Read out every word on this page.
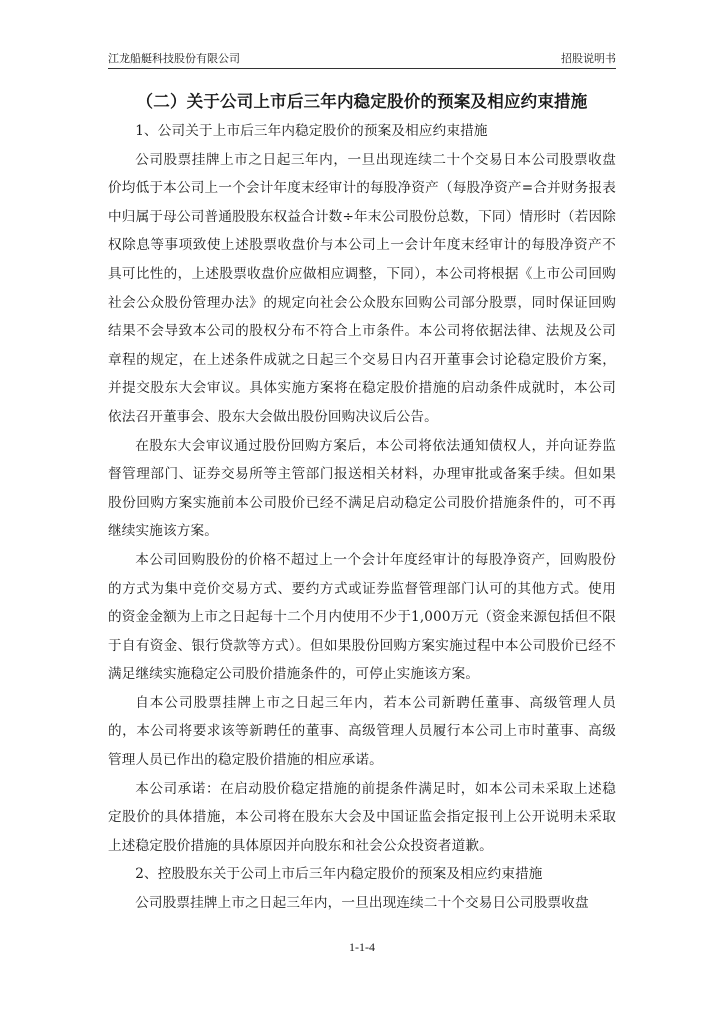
江龙船艇科技股份有限公司	招股说明书
（二）关于公司上市后三年内稳定股价的预案及相应约束措施

1、公司关于上市后三年内稳定股价的预案及相应约束措施

公司股票挂牌上市之日起三年内，一旦出现连续二十个交易日本公司股票收盘价均低于本公司上一个会计年度末经审计的每股净资产（每股净资产=合并财务报表中归属于母公司普通股股东权益合计数÷年末公司股份总数，下同）情形时（若因除权除息等事项致使上述股票收盘价与本公司上一会计年度末经审计的每股净资产不具可比性的，上述股票收盘价应做相应调整，下同），本公司将根据《上市公司回购社会公众股份管理办法》的规定向社会公众股东回购公司部分股票，同时保证回购结果不会导致本公司的股权分布不符合上市条件。本公司将依据法律、法规及公司章程的规定，在上述条件成就之日起三个交易日内召开董事会讨论稳定股价方案，并提交股东大会审议。具体实施方案将在稳定股价措施的启动条件成就时，本公司依法召开董事会、股东大会做出股份回购决议后公告。

在股东大会审议通过股份回购方案后，本公司将依法通知债权人，并向证券监督管理部门、证券交易所等主管部门报送相关材料，办理审批或备案手续。但如果股份回购方案实施前本公司股价已经不满足启动稳定公司股价措施条件的，可不再继续实施该方案。

本公司回购股份的价格不超过上一个会计年度经审计的每股净资产，回购股份的方式为集中竞价交易方式、要约方式或证券监督管理部门认可的其他方式。使用的资金金额为上市之日起每十二个月内使用不少于1,000万元（资金来源包括但不限于自有资金、银行贷款等方式）。但如果股份回购方案实施过程中本公司股价已经不满足继续实施稳定公司股价措施条件的，可停止实施该方案。

自本公司股票挂牌上市之日起三年内，若本公司新聘任董事、高级管理人员的，本公司将要求该等新聘任的董事、高级管理人员履行本公司上市时董事、高级管理人员已作出的稳定股价措施的相应承诺。

本公司承诺：在启动股价稳定措施的前提条件满足时，如本公司未采取上述稳定股价的具体措施，本公司将在股东大会及中国证监会指定报刊上公开说明未采取上述稳定股价措施的具体原因并向股东和社会公众投资者道歉。

2、控股股东关于公司上市后三年内稳定股价的预案及相应约束措施

公司股票挂牌上市之日起三年内，一旦出现连续二十个交易日公司股票收盘

1-1-4
